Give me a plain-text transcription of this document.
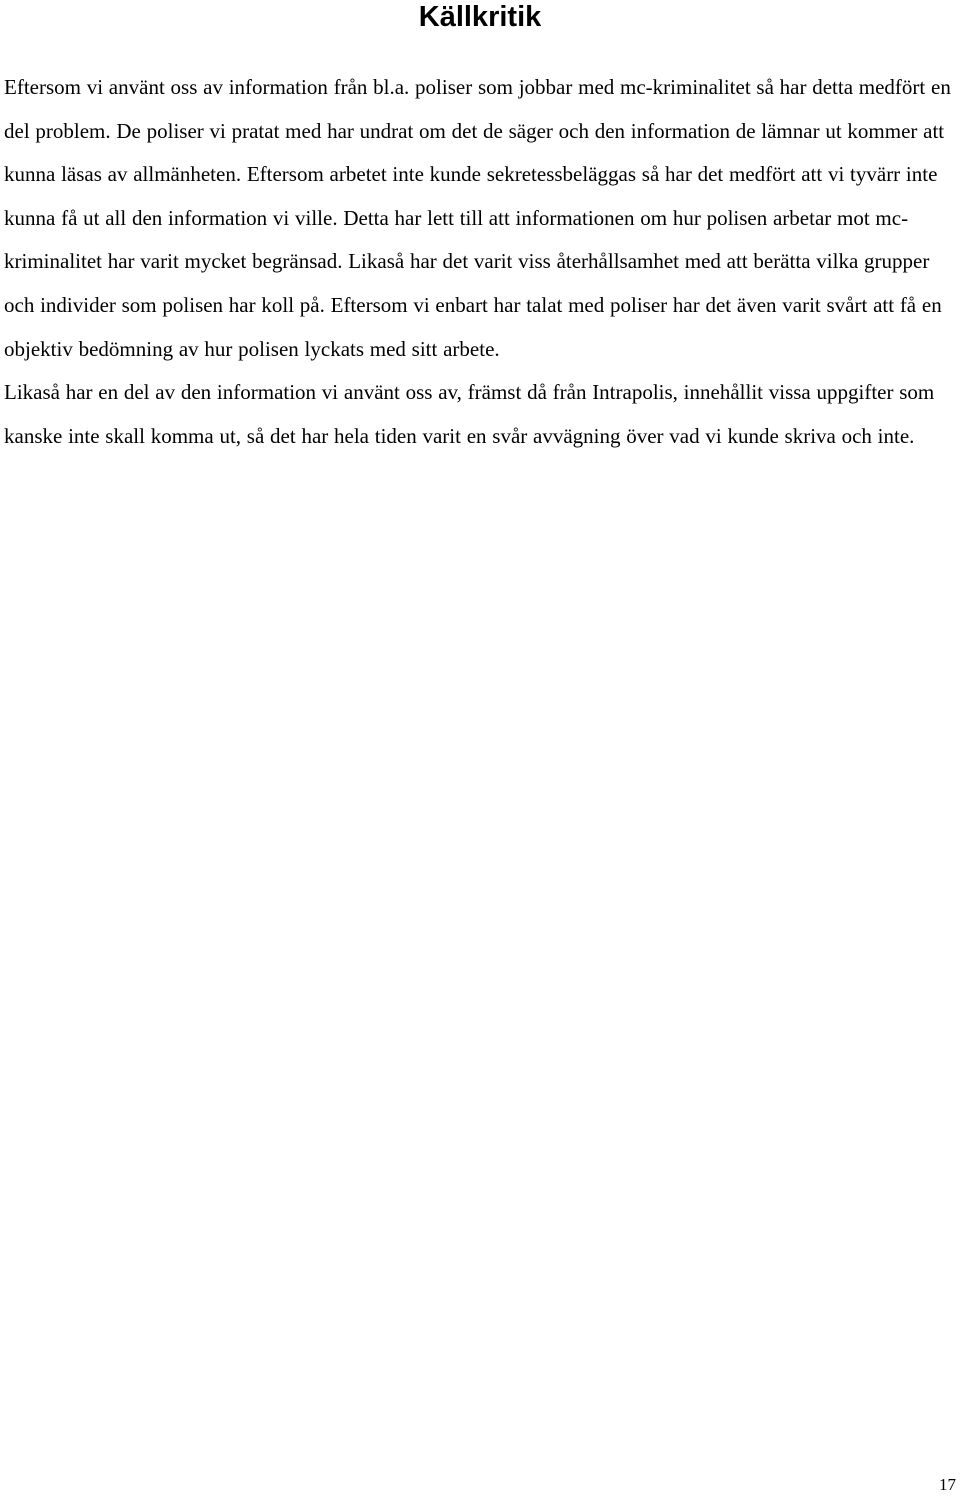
Källkritik

Eftersom vi använt oss av information från bl.a. poliser som jobbar med mc-kriminalitet så har detta medfört en del problem. De poliser vi pratat med har undrat om det de säger och den information de lämnar ut kommer att kunna läsas av allmänheten. Eftersom arbetet inte kunde sekretessbeläggas så har det medfört att vi tyvärr inte kunna få ut all den information vi ville. Detta har lett till att informationen om hur polisen arbetar mot mc-kriminalitet har varit mycket begränsad. Likaså har det varit viss återhållsamhet med att berätta vilka grupper och individer som polisen har koll på. Eftersom vi enbart har talat med poliser har det även varit svårt att få en objektiv bedömning av hur polisen lyckats med sitt arbete.

Likaså har en del av den information vi använt oss av, främst då från Intrapolis, innehållit vissa uppgifter som kanske inte skall komma ut, så det har hela tiden varit en svår avvägning över vad vi kunde skriva och inte.

17
